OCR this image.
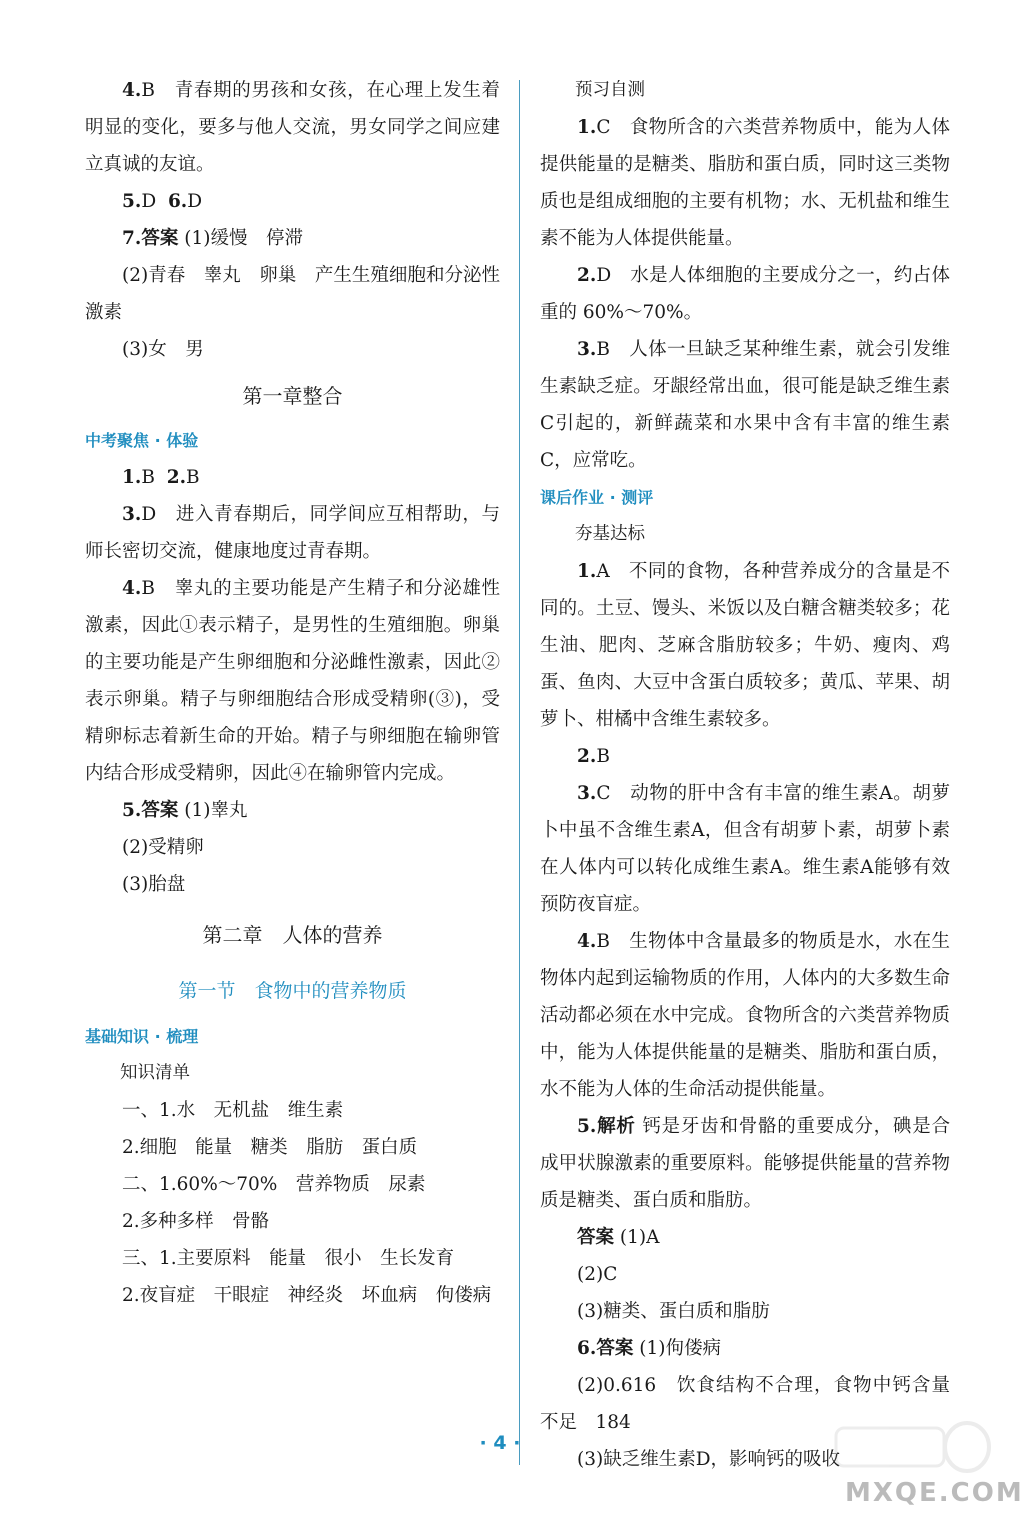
4.B　青春期的男孩和女孩，在心理上发生着明显的变化，要多与他人交流，男女同学之间应建立真诚的友谊。

5.D 6.D

7.答案 (1)缓慢　停滞

(2)青春　睾丸　卵巢　产生生殖细胞和分泌性激素

(3)女　男

第一章整合

中考聚焦 · 体验

1.B 2.B

3.D　进入青春期后，同学间应互相帮助，与师长密切交流，健康地度过青春期。

4.B　睾丸的主要功能是产生精子和分泌雄性激素，因此①表示精子，是男性的生殖细胞。卵巢的主要功能是产生卵细胞和分泌雌性激素，因此②表示卵巢。精子与卵细胞结合形成受精卵(③)，受精卵标志着新生命的开始。精子与卵细胞在输卵管内结合形成受精卵，因此④在输卵管内完成。

5.答案 (1)睾丸

(2)受精卵

(3)胎盘

第二章　人体的营养

第一节　食物中的营养物质

基础知识 · 梳理

知识清单

一、1.水　无机盐　维生素

2.细胞　能量　糖类　脂肪　蛋白质

二、1.60%～70%　营养物质　尿素

2.多种多样　骨骼

三、1.主要原料　能量　很小　生长发育

2.夜盲症　干眼症　神经炎　坏血病　佝偻病

预习自测

1.C　食物所含的六类营养物质中，能为人体提供能量的是糖类、脂肪和蛋白质，同时这三类物质也是组成细胞的主要有机物；水、无机盐和维生素不能为人体提供能量。

2.D　水是人体细胞的主要成分之一，约占体重的 60%～70%。

3.B　人体一旦缺乏某种维生素，就会引发维生素缺乏症。牙龈经常出血，很可能是缺乏维生素C引起的，新鲜蔬菜和水果中含有丰富的维生素C，应常吃。

课后作业 · 测评

夯基达标

1.A　不同的食物，各种营养成分的含量是不同的。土豆、馒头、米饭以及白糖含糖类较多；花生油、肥肉、芝麻含脂肪较多；牛奶、瘦肉、鸡蛋、鱼肉、大豆中含蛋白质较多；黄瓜、苹果、胡萝卜、柑橘中含维生素较多。

2.B

3.C　动物的肝中含有丰富的维生素A。胡萝卜中虽不含维生素A，但含有胡萝卜素，胡萝卜素在人体内可以转化成维生素A。维生素A能够有效预防夜盲症。

4.B　生物体中含量最多的物质是水，水在生物体内起到运输物质的作用，人体内的大多数生命活动都必须在水中完成。食物所含的六类营养物质中，能为人体提供能量的是糖类、脂肪和蛋白质，水不能为人体的生命活动提供能量。

5.解析 钙是牙齿和骨骼的重要成分，碘是合成甲状腺激素的重要原料。能够提供能量的营养物质是糖类、蛋白质和脂肪。

答案 (1)A

(2)C

(3)糖类、蛋白质和脂肪

6.答案 (1)佝偻病

(2)0.616　饮食结构不合理，食物中钙含量不足　184

(3)缺乏维生素D，影响钙的吸收

· 4 ·
MXQE.COM
